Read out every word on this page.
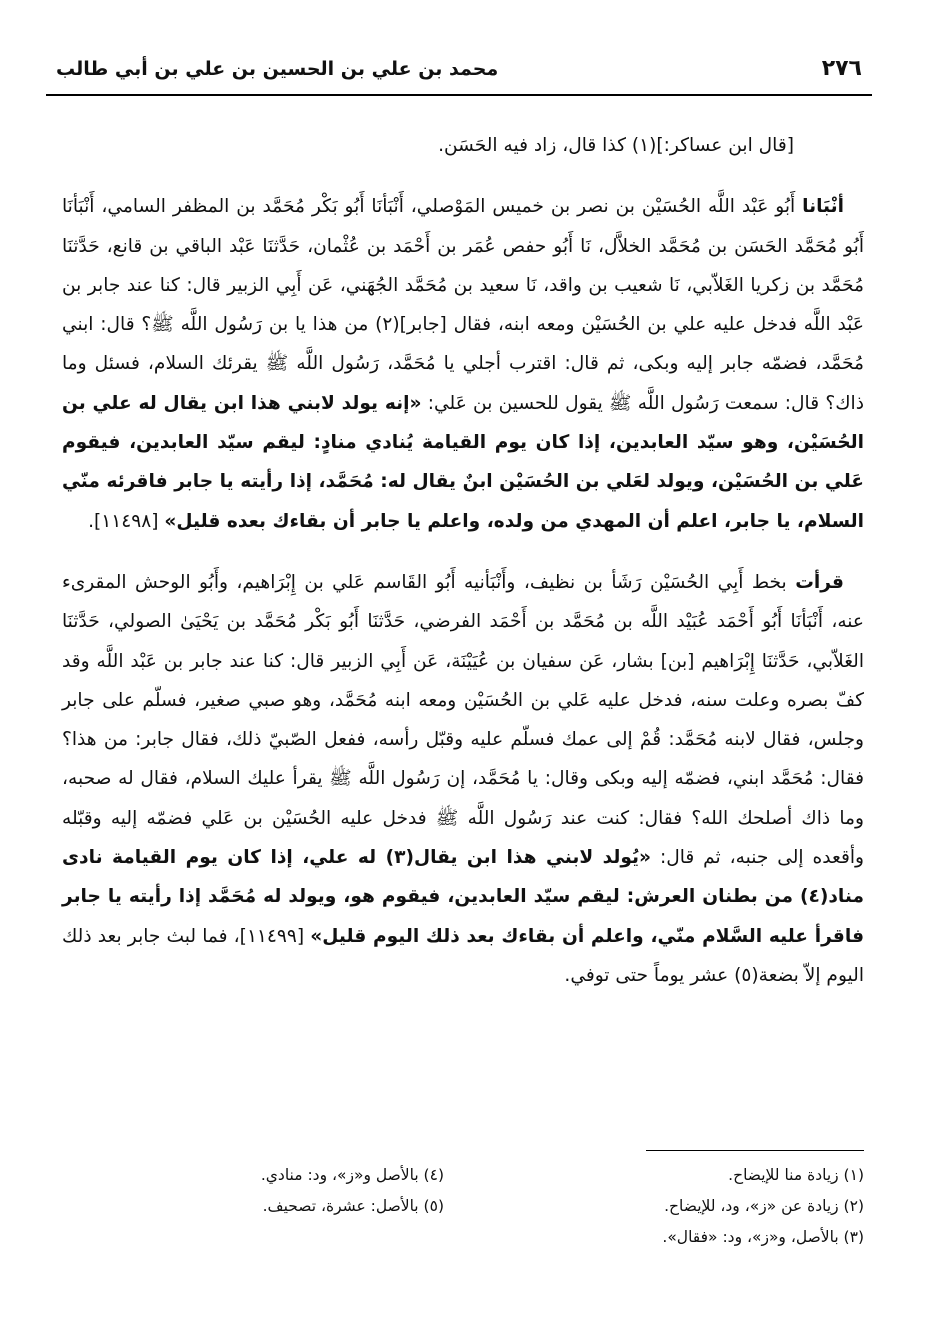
محمد بن علي بن الحسين بن علي بن أبي طالب	٢٧٦

[قال ابن عساكر:](١) كذا قال، زاد فيه الحَسَن.

أنْبَانا أَبُو عَبْد اللَّه الحُسَيْن بن نصر بن خميس المَوْصلي، أَنْبَأنَا أَبُو بَكْر مُحَمَّد بن المظفر السامي، أَنْبَأنَا أَبُو مُحَمَّد الحَسَن بن مُحَمَّد الخلاَّل، نَا أَبُو حفص عُمَر بن أَحْمَد بن عُثْمان، حَدَّثنَا عَبْد الباقي بن قانع، حَدَّثنَا مُحَمَّد بن زكريا الغَلاّبي، نَا شعيب بن واقد، نَا سعيد بن مُحَمَّد الجُهَني، عَن أَبِي الزبير قال: كنا عند جابر بن عَبْد اللَّه فدخل عليه علي بن الحُسَيْن ومعه ابنه، فقال [جابر](٢) من هذا يا بن رَسُول اللَّه ﷺ؟ قال: ابني مُحَمَّد، فضمّه جابر إليه وبكى، ثم قال: اقترب أجلي يا مُحَمَّد، رَسُول اللَّه ﷺ يقرئك السلام، فسئل وما ذاك؟ قال: سمعت رَسُول اللَّه ﷺ يقول للحسين بن عَلي: «إنه يولد لابني هذا ابن يقال له علي بن الحُسَيْن، وهو سيّد العابدين، إذا كان يوم القيامة يُنادي منادٍ: ليقم سيّد العابدين، فيقوم عَلي بن الحُسَيْن، ويولد لعَلي بن الحُسَيْن ابنٌ يقال له: مُحَمَّد، إذا رأيته يا جابر فاقرئه منّي السلام، يا جابر، اعلم أن المهدي من ولده، واعلم يا جابر أن بقاءك بعده قليل» [١١٤٩٨].

قرأت بخط أَبِي الحُسَيْن رَشَأ بن نظيف، وأَنْبَأنيه أَبُو القَاسم عَلي بن إِبْرَاهيم، وأَبُو الوحش المقرىء عنه، أَنْبَأنَا أَبُو أَحْمَد عُبَيْد اللَّه بن مُحَمَّد بن أَحْمَد الفرضي، حَدَّثنَا أَبُو بَكْر مُحَمَّد بن يَحْيَىٰ الصولي، حَدَّثنَا الغَلاّبي، حَدَّثنَا إِبْرَاهيم [بن] بشار، عَن سفيان بن عُيَيْنَة، عَن أَبِي الزبير قال: كنا عند جابر بن عَبْد اللَّه وقد كفّ بصره وعلت سنه، فدخل عليه عَلي بن الحُسَيْن ومعه ابنه مُحَمَّد، وهو صبي صغير، فسلّم على جابر وجلس، فقال لابنه مُحَمَّد: قُمْ إلى عمك فسلّم عليه وقبّل رأسه، ففعل الصّبيّ ذلك، فقال جابر: من هذا؟ فقال: مُحَمَّد ابني، فضمّه إليه وبكى وقال: يا مُحَمَّد، إن رَسُول اللَّه ﷺ يقرأ عليك السلام، فقال له صحبه، وما ذاك أصلحك الله؟ فقال: كنت عند رَسُول اللَّه ﷺ فدخل عليه الحُسَيْن بن عَلي فضمّه إليه وقبّله وأقعده إلى جنبه، ثم قال: «يُولد لابني هذا ابن يقال(٣) له علي، إذا كان يوم القيامة نادى مناد(٤) من بطنان العرش: ليقم سيّد العابدين، فيقوم هو، ويولد له مُحَمَّد إذا رأيته يا جابر فاقرأ عليه السَّلام منّي، واعلم أن بقاءك بعد ذلك اليوم قليل» [١١٤٩٩]، فما لبث جابر بعد ذلك اليوم إلاّ بضعة(٥) عشر يوماً حتى توفي.

(١) زيادة منا للإيضاح.
(٢) زيادة عن «ز»، ود، للإيضاح.
(٣) بالأصل، و«ز»، ود: «فقال».
(٤) بالأصل و«ز»، ود: منادي.
(٥) بالأصل: عشرة، تصحيف.
